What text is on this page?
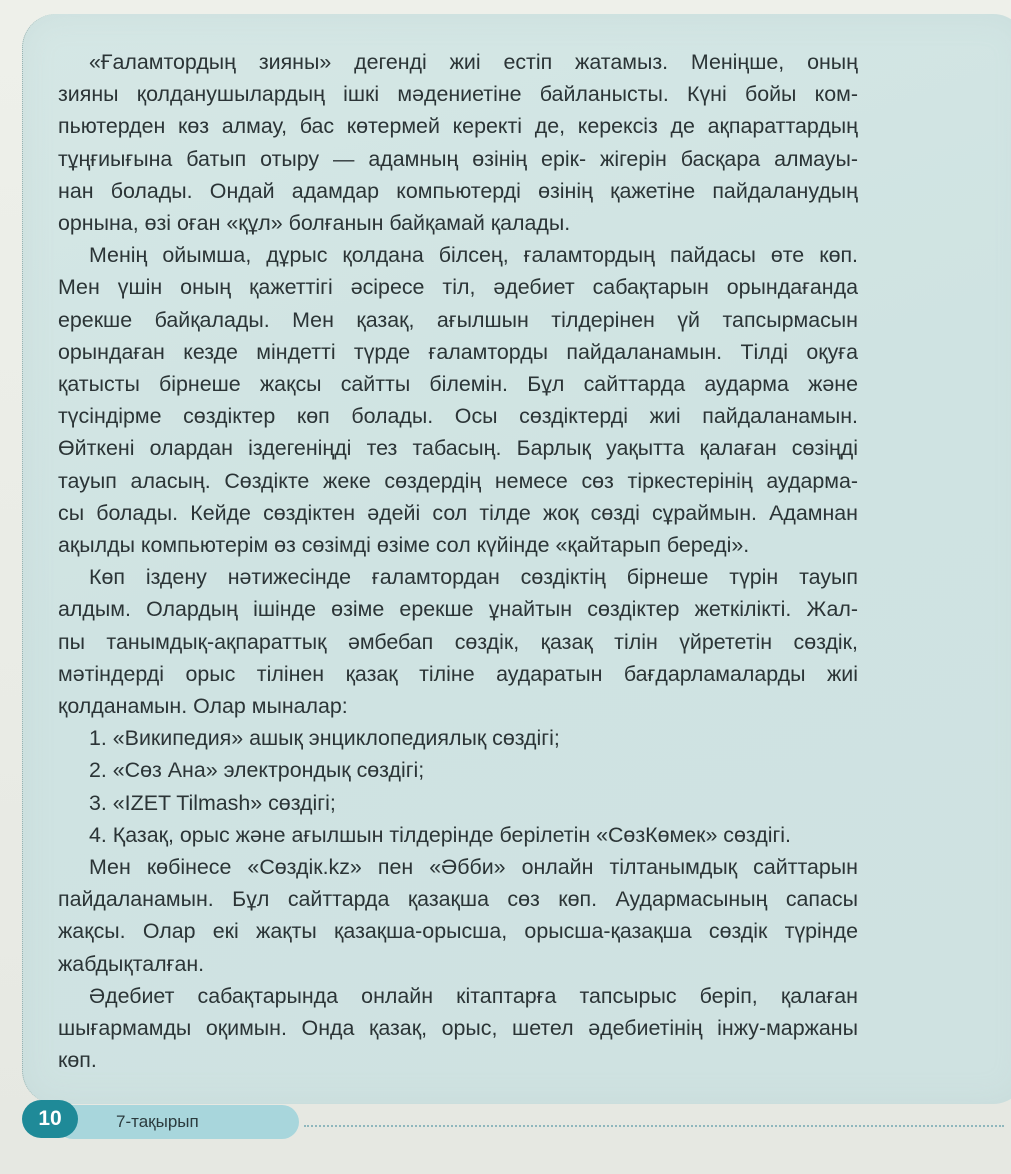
«Ғаламтордың зияны» дегенді жиі естіп жатамыз. Менiңше, оның
зияны қолданушылардың ішкі мәдениетіне байланысты. Күні бойы ком-
пьютерден көз алмау, бас көтермей керекті де, керексіз де ақпараттардың
тұңғиығына батып отыру — адамның өзінің ерік- жігерін басқара алмауы-
нан болады. Ондай адамдар компьютерді өзінің қажетіне пайдаланудың
орнына, өзі оған «құл» болғанын байқамай қалады.
Менің ойымша, дұрыс қолдана білсең, ғаламтордың пайдасы өте көп.
Мен үшін оның қажеттігі әсіресе тіл, әдебиет сабақтарын орындағанда
ерекше байқалады. Мен қазақ, ағылшын тілдерінен үй тапсырмасын
орындаған кезде міндетті түрде ғаламторды пайдаланамын. Тілді оқуға
қатысты бірнеше жақсы сайтты білемін. Бұл сайттарда аударма және
түсіндірме сөздіктер көп болады. Осы сөздіктерді жиі пайдаланамын.
Өйткені олардан іздегеніңді тез табасың. Барлық уақытта қалаған сөзіңді
тауып аласың. Сөздікте жеке сөздердің немесе сөз тіркестерінің аударма-
сы болады. Кейде сөздіктен әдейі сол тілде жоқ сөзді сұраймын. Адамнан
ақылды компьютерім өз сөзімді өзіме сол күйінде «қайтарып береді».
Көп іздену нәтижесінде ғаламтордан сөздіктің бірнеше түрін тауып
алдым. Олардың ішінде өзіме ерекше ұнайтын сөздіктер жеткілікті. Жал-
пы танымдық-ақпараттық әмбебап сөздік, қазақ тілін үйрететін сөздік,
мәтіндерді орыс тілінен қазақ тіліне аударатын бағдарламаларды жиі
қолданамын. Олар мыналар:
1. «Википедия» ашық энциклопедиялық сөздігі;
2. «Сөз Ана» электрондық сөздігі;
3. «IZET Tilmash» сөздігі;
4. Қазақ, орыс және ағылшын тілдерінде берілетін «СөзКөмек» сөздігі.
Мен көбінесе «Сөздік.kz» пен «Әбби» онлайн тілтанымдық сайттарын
пайдаланамын. Бұл сайттарда қазақша сөз көп. Аудармасының сапасы
жақсы. Олар екі жақты қазақша-орысша, орысша-қазақша сөздік түрінде
жабдықталған.
Әдебиет сабақтарында онлайн кітаптарға тапсырыс беріп, қалаған
шығармамды оқимын. Онда қазақ, орыс, шетел әдебиетінің інжу-маржаны
көп.
10	7-тақырып
